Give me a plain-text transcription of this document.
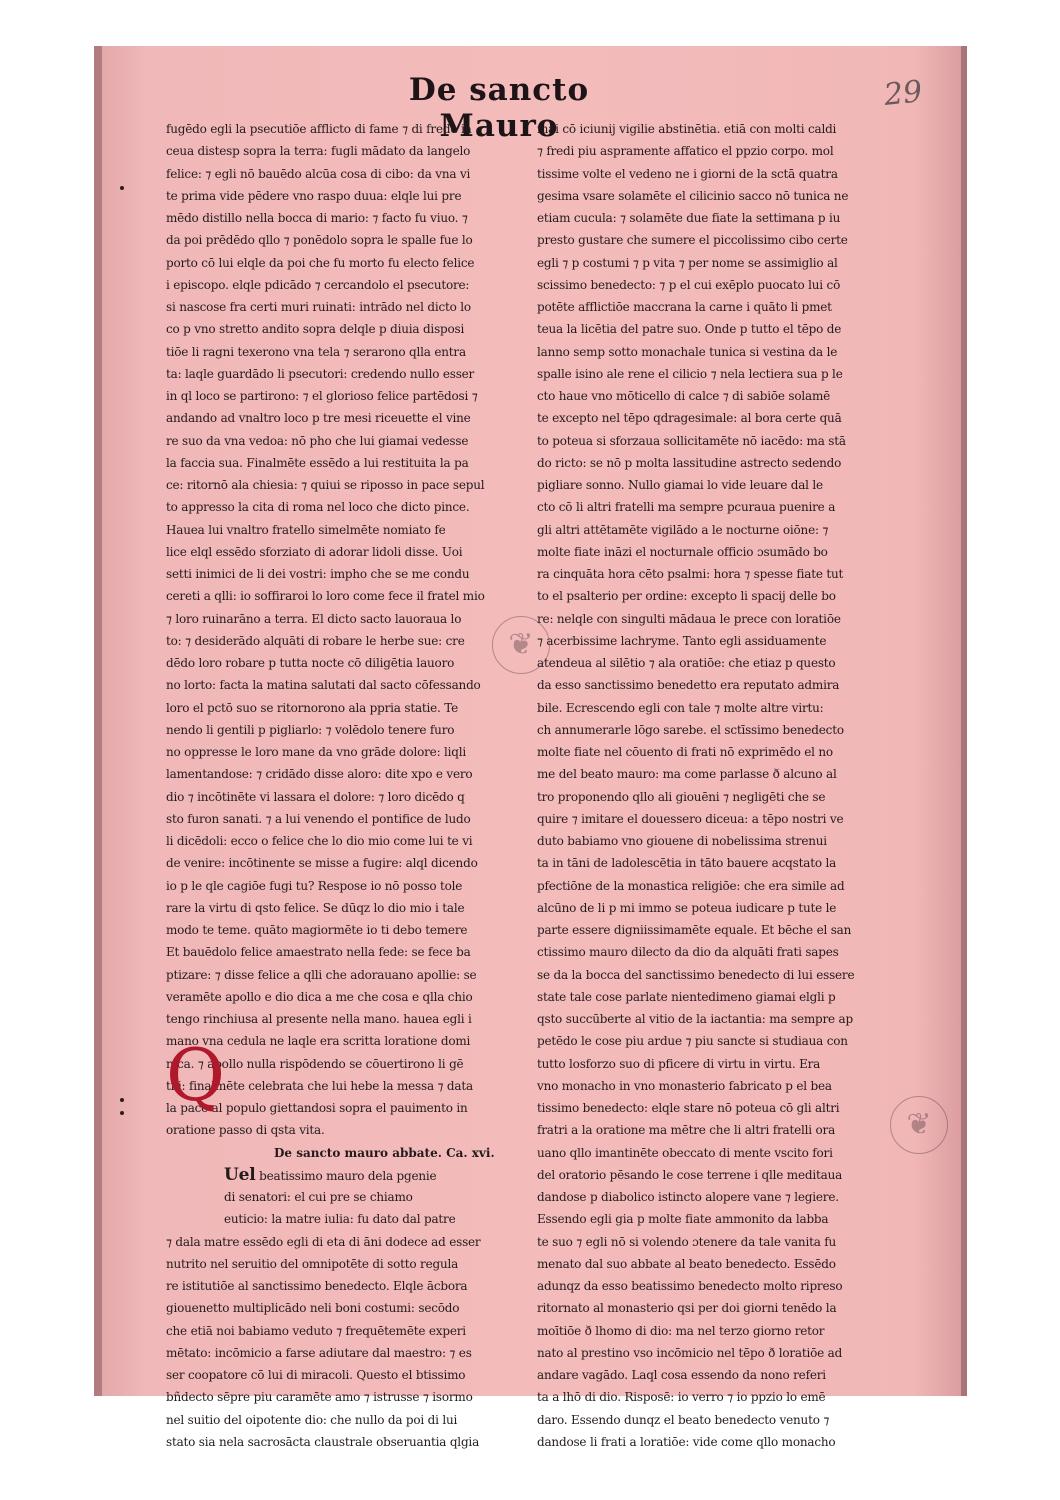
De sancto Mauro
29
fugēdo egli la psecutiōe afflicto di fame ⁊ di fredo ia
ceua distesp sopra la terra: fugli mādato da langelo
felice: ⁊ egli nō bauēdo alcūa cosa di cibo: da vna vi
te prima vide pēdere vno raspo duua: elqle lui pre
mēdo distillo nella bocca di mario: ⁊ facto fu viuo. ⁊
da poi prēdēdo qllo ⁊ ponēdolo sopra le spalle fue lo
porto cō lui elqle da poi che fu morto fu electo felice
i episcopo. elqle pdicādo ⁊ cercandolo el psecutore:
si nascose fra certi muri ruinati: intrādo nel dicto lo
co p vno stretto andito sopra delqle p diuia disposi
tiōe li ragni texerono vna tela ⁊ serarono qlla entra
ta: laqle guardādo li psecutori: credendo nullo esser
in ql loco se partirono: ⁊ el glorioso felice partēdosi ⁊
andando ad vnaltro loco p tre mesi riceuette el vine
re suo da vna vedoa: nō pho che lui giamai vedesse
la faccia sua. Finalmēte essēdo a lui restituita la pa
ce: ritornō ala chiesia: ⁊ quiui se riposso in pace sepul
to appresso la cita di roma nel loco che dicto pince.
Hauea lui vnaltro fratello simelmēte nomiato fe
lice elql essēdo sforziato di adorar lidoli disse. Uoi
setti inimici de li dei vostri: impho che se me condu
cereti a qlli: io soffiraroi lo loro come fece il fratel mio
⁊ loro ruinarāno a terra. El dicto sacto lauoraua lo
to: ⁊ desiderādo alquāti di robare le herbe sue: cre
dēdo loro robare p tutta nocte cō diligētia lauoro
no lorto: facta la matina salutati dal sacto cōfessando
loro el pctō suo se ritornorono ala ppria statie. Te
nendo li gentili p pigliarlo: ⁊ volēdolo tenere furo
no oppresse le loro mane da vno grāde dolore: liqli
lamentandose: ⁊ cridādo disse aloro: dite xpo e vero
dio ⁊ incōtinēte vi lassara el dolore: ⁊ loro dicēdo q
sto furon sanati. ⁊ a lui venendo el pontifice de ludo
li dicēdoli: ecco o felice che lo dio mio come lui te vi
de venire: incōtinente se misse a fugire: alql dicendo
io p le qle cagiōe fugi tu? Respose io nō posso tole
rare la virtu di qsto felice. Se dūqz lo dio mio i tale
modo te teme. quāto magiormēte io ti debo temere
Et bauēdolo felice amaestrato nella fede: se fece ba
ptizare: ⁊ disse felice a qlli che adorauano apollie: se
veramēte apollo e dio dica a me che cosa e qlla chio
tengo rinchiusa al presente nella mano. hauea egli i
mano vna cedula ne laqle era scritta loratione domi
nica. ⁊ apollo nulla rispōdendo se cōuertirono li gē
tili: finalmēte celebrata che lui hebe la messa ⁊ data
la pace al populo giettandosi sopra el pauimento in
oratione passo di qsta vita.
De sancto mauro abbate. Ca. xvi.
Uel beatissimo mauro dela pgenie
di senatori: el cui pre se chiamo
euticio: la matre iulia: fu dato dal patre
⁊ dala matre essēdo egli di eta di āni dodece ad esser
nutrito nel seruitio del omnipotēte di sotto regula
re istitutiōe al sanctissimo benedecto. Elqle ācbora
giouenetto multiplicādo neli boni costumi: secōdo
che etiā noi babiamo veduto ⁊ frequētemēte experi
mētato: incōmicio a farse adiutare dal maestro: ⁊ es
ser coopatore cō lui di miracoli. Questo el btissimo
bñdecto sēpre piu caramēte amo ⁊ istrusse ⁊ isormo
nel suitio del oipotente dio: che nullo da poi di lui
stato sia nela sacrosācta claustrale obseruantia qlgia
mai cō iciunij vigilie abstinētia. etiā con molti caldi
⁊ fredi piu aspramente affatico el ppzio corpo. mol
tissime volte el vedeno ne i giorni de la sctā quatra
gesima vsare solamēte el cilicinio sacco nō tunica ne
etiam cucula: ⁊ solamēte due fiate la settimana p iu
presto gustare che sumere el piccolissimo cibo certe
egli ⁊ p costumi ⁊ p vita ⁊ per nome se assimiglio al
scissimo benedecto: ⁊ p el cui exēplo puocato lui cō
potēte afflictiōe maccrana la carne i quāto li pmet
teua la licētia del patre suo. Onde p tutto el tēpo de
lanno semp sotto monachale tunica si vestina da le
spalle isino ale rene el cilicio ⁊ nela lectiera sua p le
cto haue vno mōticello di calce ⁊ di sabiōe solamē
te excepto nel tēpo qdragesimale: al bora certe quā
to poteua si sforzaua sollicitamēte nō iacēdo: ma stā
do ricto: se nō p molta lassitudine astrecto sedendo
pigliare sonno. Nullo giamai lo vide leuare dal le
cto cō li altri fratelli ma sempre pcuraua puenire a
gli altri attētamēte vigilādo a le nocturne oiōne: ⁊
molte fiate ināzi el nocturnale officio ɔsumādo bo
ra cinquāta hora cēto psalmi: hora ⁊ spesse fiate tut
to el psalterio per ordine: excepto li spacij delle bo
re: nelqle con singulti mādaua le prece con loratiōe
⁊ acerbissime lachryme. Tanto egli assiduamente
atendeua al silētio ⁊ ala oratiōe: che etiaz p questo
da esso sanctissimo benedetto era reputato admira
bile. Ecrescendo egli con tale ⁊ molte altre virtu:
ch annumerarle lōgo sarebe. el sctīssimo benedecto
molte fiate nel cōuento di frati nō exprimēdo el no
me del beato mauro: ma come parlasse ð alcuno al
tro proponendo qllo ali giouēni ⁊ negligēti che se
quire ⁊ imitare el douessero diceua: a tēpo nostri ve
duto babiamo vno giouene di nobelissima strenui
ta in tāni de ladolescētia in tāto bauere acqstato la
pfectiōne de la monastica religiōe: che era simile ad
alcūno de li p mi immo se poteua iudicare p tute le
parte essere digniissimamēte equale. Et bēche el san
ctissimo mauro dilecto da dio da alquāti frati sapes
se da la bocca del sanctissimo benedecto di lui essere
state tale cose parlate nientedimeno giamai elgli p
qsto succūberte al vitio de la iactantia: ma sempre ap
petēdo le cose piu ardue ⁊ piu sancte si studiaua con
tutto losforzo suo di pficere di virtu in virtu. Era
vno monacho in vno monasterio fabricato p el bea
tissimo benedecto: elqle stare nō poteua cō gli altri
fratri a la oratione ma mētre che li altri fratelli ora
uano qllo imantinēte obeccato di mente vscito fori
del oratorio pēsando le cose terrene i qlle meditaua
dandose p diabolico istincto alopere vane ⁊ legiere.
Essendo egli gia p molte fiate ammonito da labba
te suo ⁊ egli nō si volendo ɔtenere da tale vanita fu
menato dal suo abbate al beato benedecto. Essēdo
adunqz da esso beatissimo benedecto molto ripreso
ritornato al monasterio qsi per doi giorni tenēdo la
moītiōe ð lhomo di dio: ma nel terzo giorno retor
nato al prestino vso incōmicio nel tēpo ð loratiōe ad
andare vagādo. Laql cosa essendo da nono referi
ta a lhō di dio. Risposē: io verro ⁊ io ppzio lo emē
daro. Essendo dunqz el beato benedecto venuto ⁊
dandose li frati a loratiōe: vide come qllo monacho
Q
❦
❦
